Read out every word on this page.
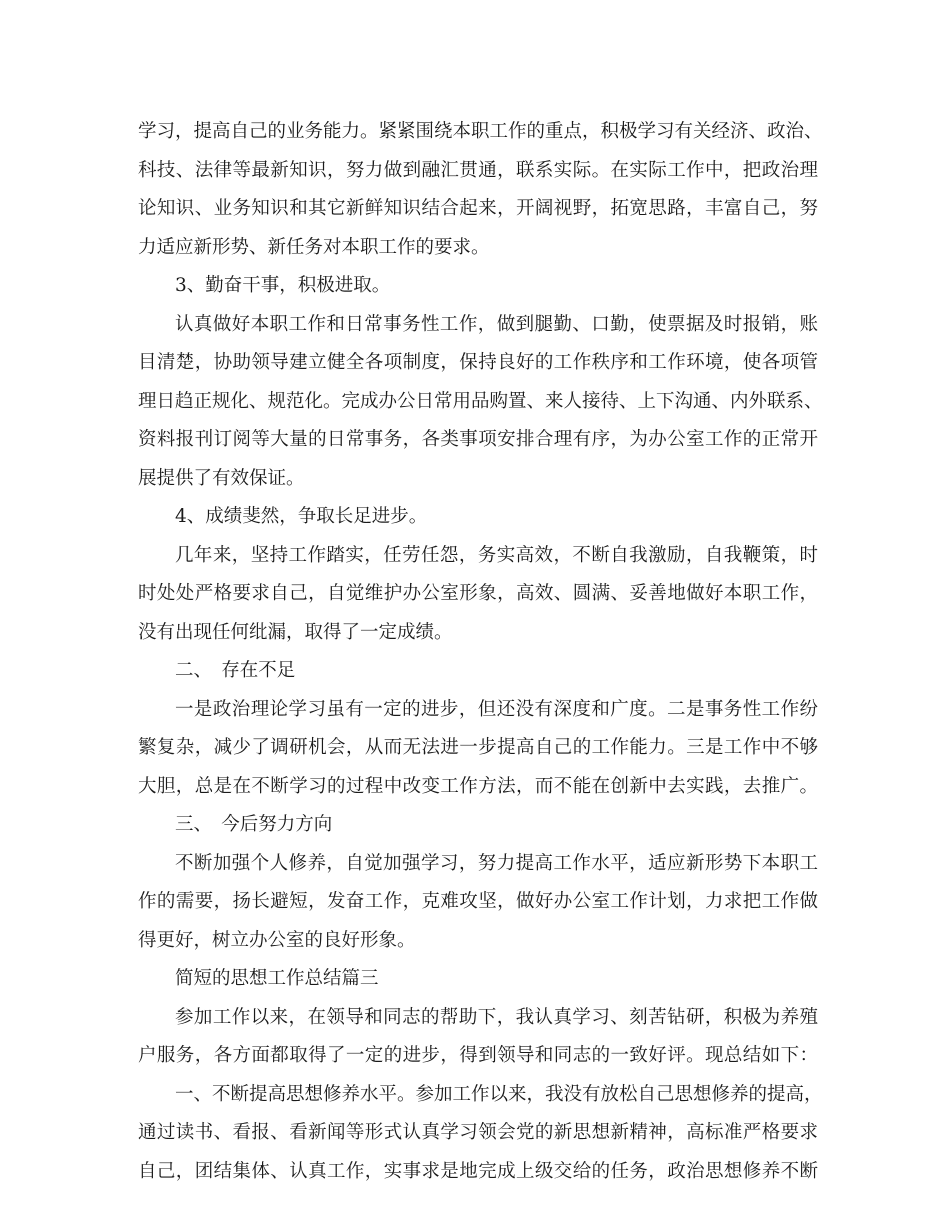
学习，提高自己的业务能力。紧紧围绕本职工作的重点，积极学习有关经济、政治、
科技、法律等最新知识，努力做到融汇贯通，联系实际。在实际工作中，把政治理
论知识、业务知识和其它新鲜知识结合起来，开阔视野，拓宽思路，丰富自己，努
力适应新形势、新任务对本职工作的要求。
3、勤奋干事，积极进取。
认真做好本职工作和日常事务性工作，做到腿勤、口勤，使票据及时报销，账
目清楚，协助领导建立健全各项制度，保持良好的工作秩序和工作环境，使各项管
理日趋正规化、规范化。完成办公日常用品购置、来人接待、上下沟通、内外联系、
资料报刊订阅等大量的日常事务，各类事项安排合理有序，为办公室工作的正常开
展提供了有效保证。
4、成绩斐然，争取长足进步。
几年来，坚持工作踏实，任劳任怨，务实高效，不断自我激励，自我鞭策，时
时处处严格要求自己，自觉维护办公室形象，高效、圆满、妥善地做好本职工作，
没有出现任何纰漏，取得了一定成绩。
二、　存在不足
一是政治理论学习虽有一定的进步，但还没有深度和广度。二是事务性工作纷
繁复杂，减少了调研机会，从而无法进一步提高自己的工作能力。三是工作中不够
大胆，总是在不断学习的过程中改变工作方法，而不能在创新中去实践，去推广。
三、　今后努力方向
不断加强个人修养，自觉加强学习，努力提高工作水平，适应新形势下本职工
作的需要，扬长避短，发奋工作，克难攻坚，做好办公室工作计划，力求把工作做
得更好，树立办公室的良好形象。
简短的思想工作总结篇三
参加工作以来，在领导和同志的帮助下，我认真学习、刻苦钻研，积极为养殖
户服务，各方面都取得了一定的进步，得到领导和同志的一致好评。现总结如下：
一、不断提高思想修养水平。参加工作以来，我没有放松自己思想修养的提高，
通过读书、看报、看新闻等形式认真学习领会党的新思想新精神，高标准严格要求
自己，团结集体、认真工作，实事求是地完成上级交给的任务，政治思想修养不断
